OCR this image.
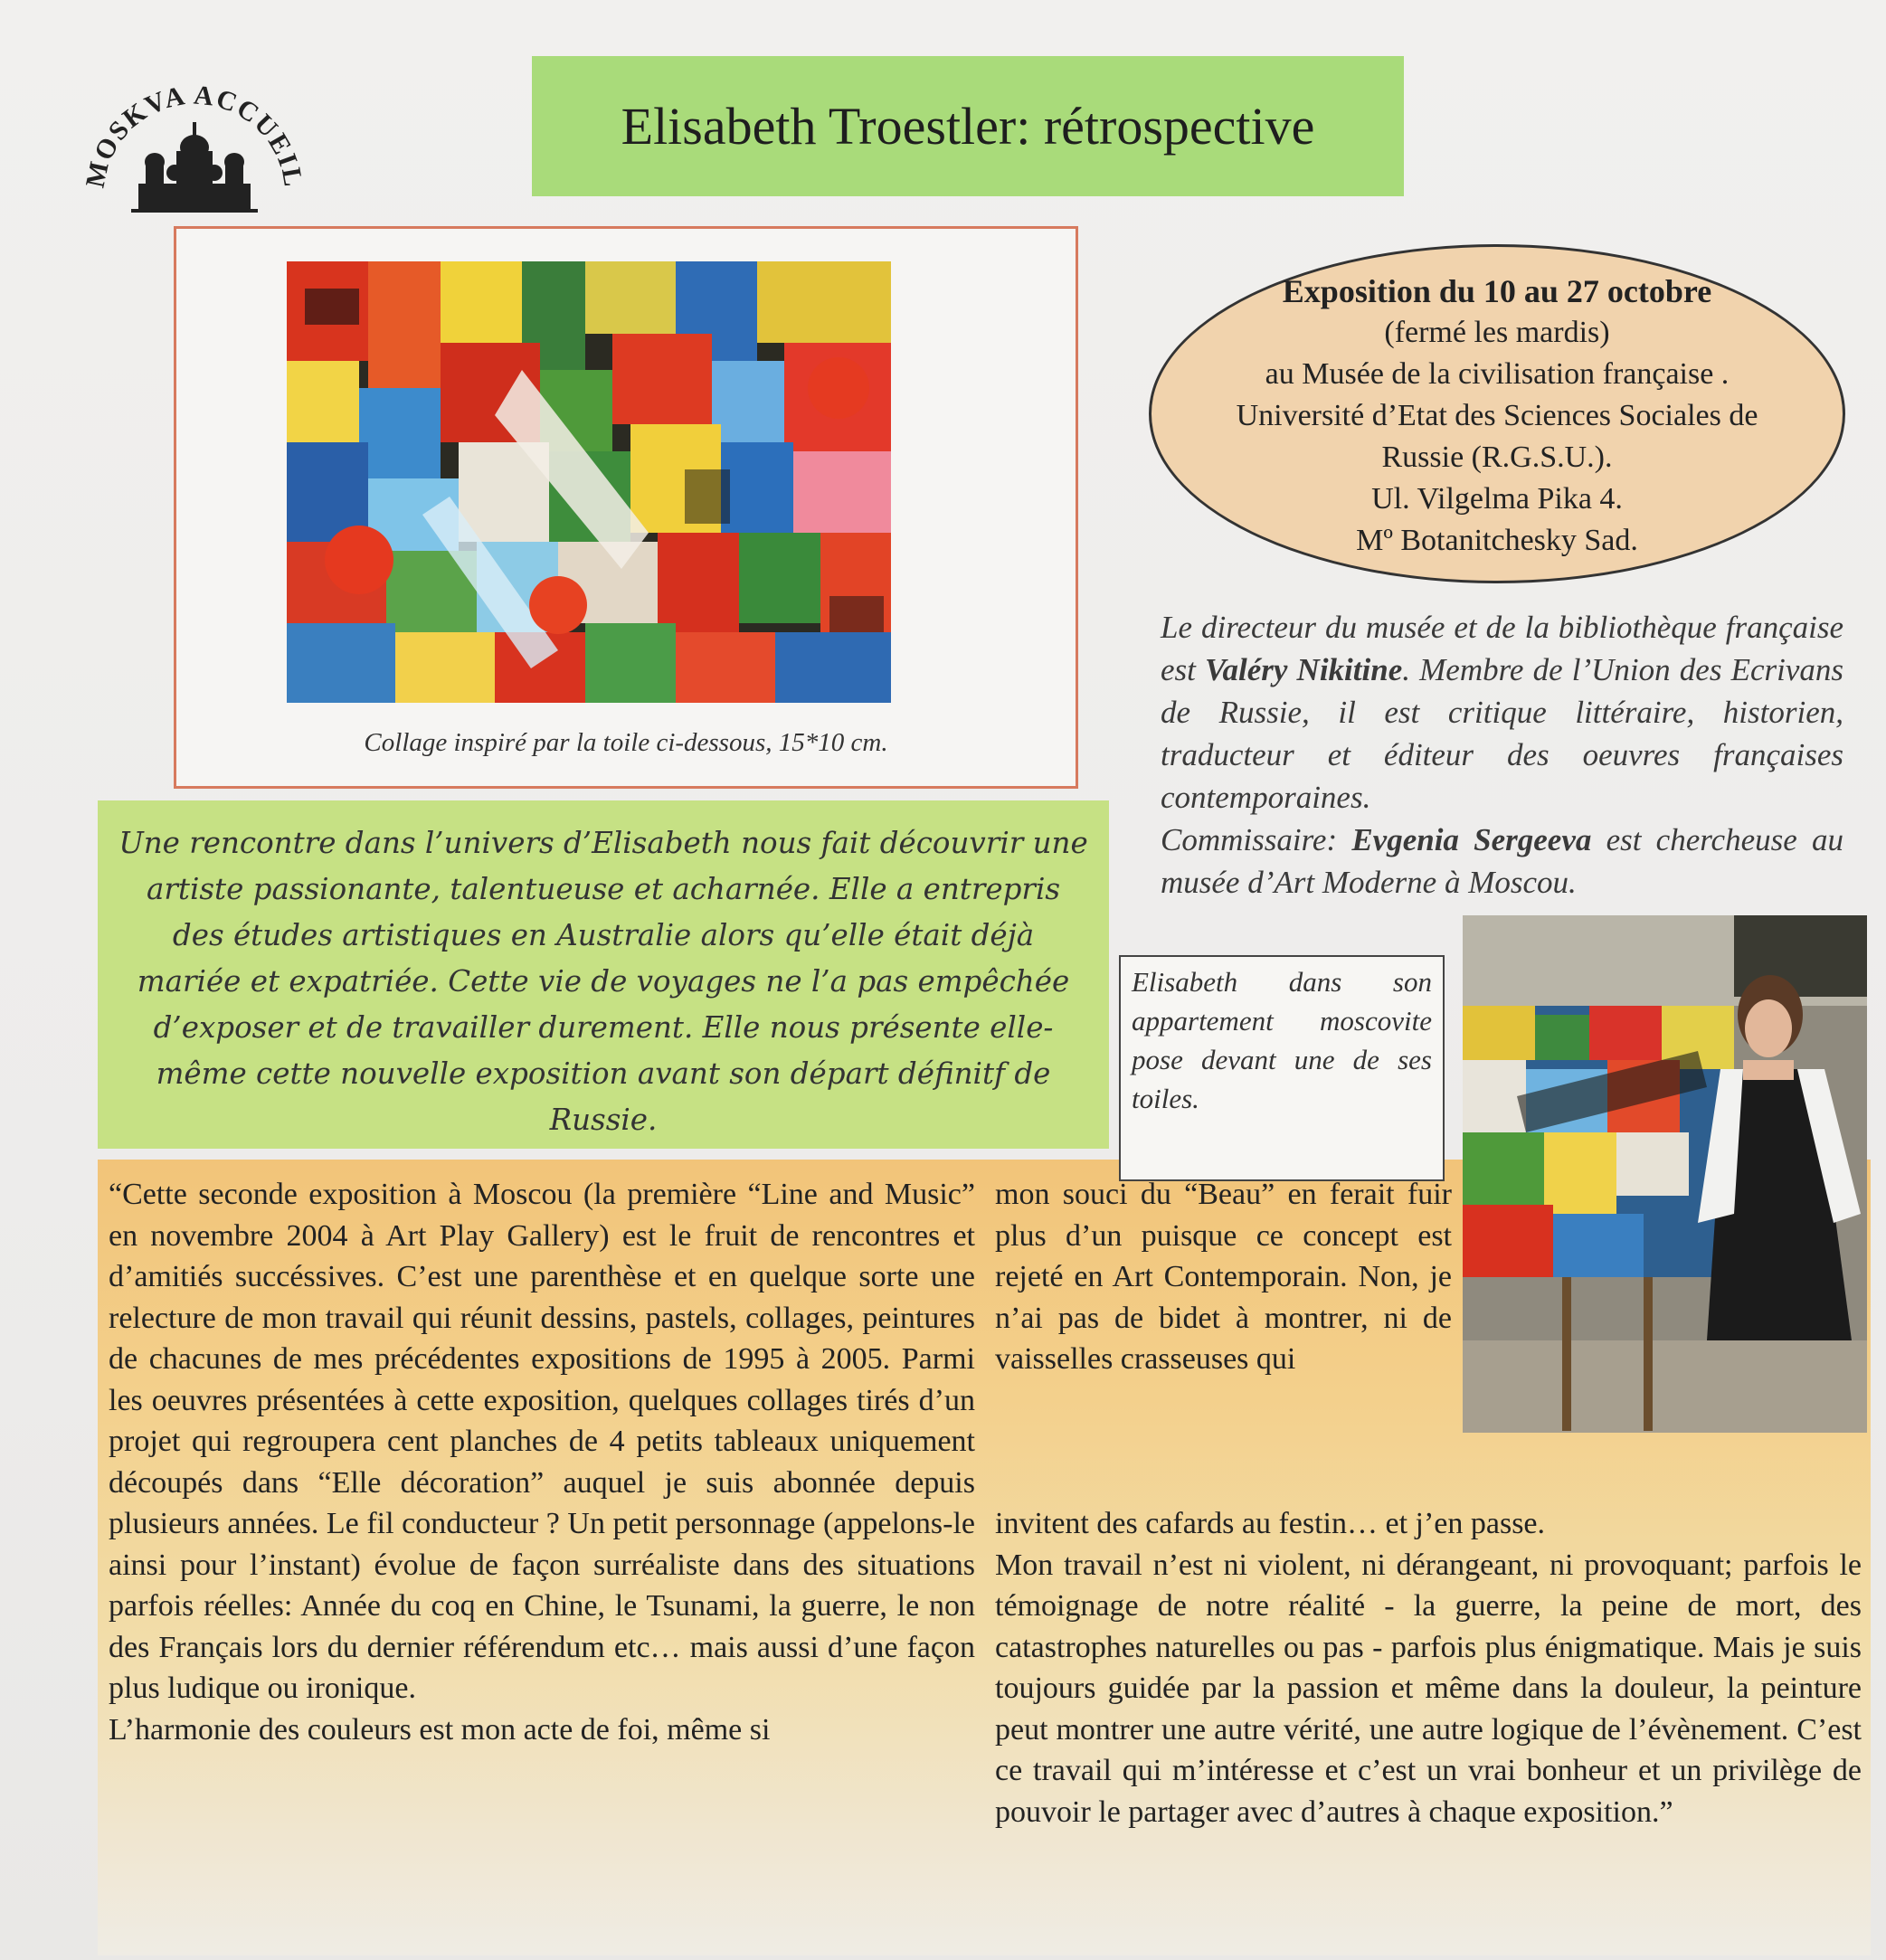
OSKVA ACCUEI
Elisabeth Troestler: rétrospective
Collage inspiré par la toile ci-dessous, 15*10 cm.
Exposition du 10 au 27 octobre
(fermé les mardis)
au Musée de la civilisation française .
Université d’Etat des Sciences Sociales de
Russie (R.G.S.U.).
Ul. Vilgelma Pika 4.
Mº Botanitchesky Sad.
Le directeur du musée et de la bibliothèque française est Valéry Nikitine. Membre de l’Union des Ecrivans de Russie, il est critique littéraire, historien, traducteur et éditeur des oeuvres françaises contemporaines.
Commissaire: Evgenia Sergeeva est chercheuse au musée d’Art Moderne à Moscou.
Une rencontre dans l’univers d’Elisabeth nous fait découvrir une artiste passionante, talentueuse et acharnée. Elle a entrepris des études artistiques en Australie alors qu’elle était déjà mariée et expatriée. Cette vie de voyages ne l’a pas empêchée d’exposer et de travailler durement. Elle nous présente elle-même cette nouvelle exposition avant son départ définitf de Russie.
Elisabeth dans son appartement moscovite pose devant une de ses toiles.

“Cette seconde exposition à Moscou (la première “Line and Music” en novembre 2004 à Art Play Gallery) est le fruit de rencontres et d’amitiés succéssives. C’est une parenthèse et en quelque sorte une relecture de mon travail qui réunit dessins, pastels, collages, peintures de chacunes de mes précédentes expositions de 1995 à 2005. Parmi les oeuvres présentées à cette exposition, quelques collages tirés d’un projet qui regroupera cent planches de 4 petits tableaux uniquement découpés dans “Elle décoration” auquel je suis abonnée depuis plusieurs années. Le fil conducteur ? Un petit personnage (appelons-le ainsi pour l’instant) évolue de façon surréaliste dans des situations parfois réelles: Année du coq en Chine, le Tsunami, la guerre, le non des Français lors du dernier référendum etc… mais aussi d’une façon plus ludique ou ironique.

L’harmonie des couleurs est mon acte de foi, même si

mon souci du “Beau” en ferait fuir plus d’un puisque ce concept est rejeté en Art Contemporain. Non, je n’ai pas de bidet à montrer, ni de vaisselles crasseuses qui

invitent des cafards au festin… et j’en passe.

Mon travail n’est ni violent, ni dérangeant, ni provoquant; parfois le témoignage de notre réalité - la guerre, la peine de mort, des catastrophes naturelles ou pas - parfois plus énigmatique. Mais je suis toujours guidée par la passion et même dans la douleur, la peinture peut montrer une autre vérité, une autre logique de l’évènement. C’est ce travail qui m’intéresse et c’est un vrai bonheur et un privilège de pouvoir le partager avec d’autres à chaque exposition.”
